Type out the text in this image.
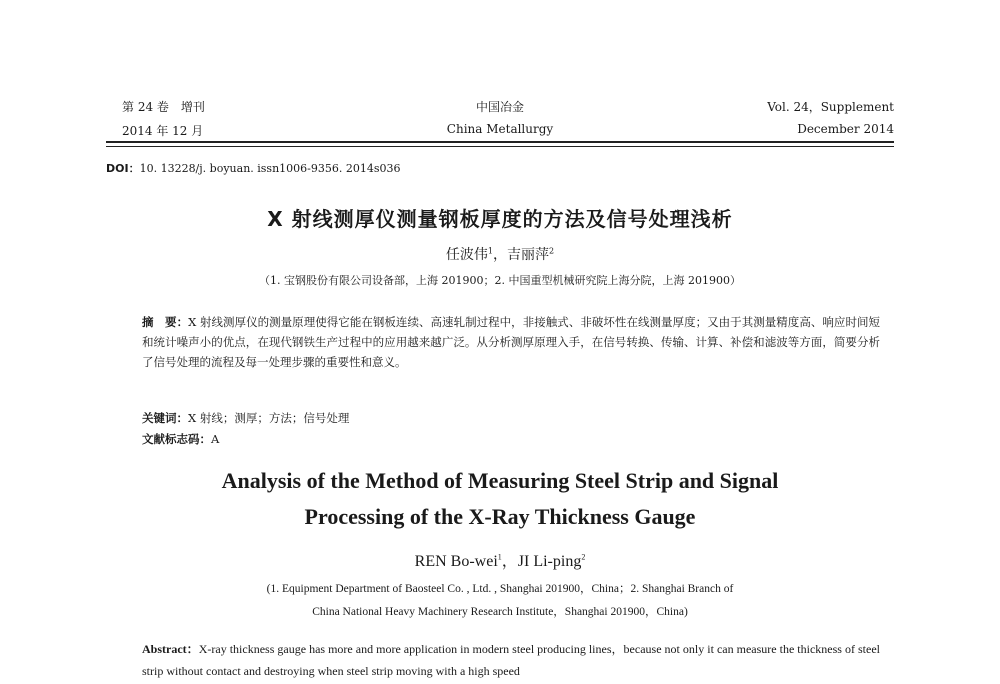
第 24 卷　增刊
2014 年 12 月
中国冶金
China Metallurgy
Vol. 24，Supplement
December 2014
DOI：10. 13228/j. boyuan. issn1006-9356. 2014s036
X 射线测厚仪测量钢板厚度的方法及信号处理浅析
任波伟$^1$，吉丽萍$^2$
（1. 宝钢股份有限公司设备部，上海 201900；2. 中国重型机械研究院上海分院，上海 201900）
摘　要：X 射线测厚仪的测量原理使得它能在钢板连续、高速轧制过程中，非接触式、非破坏性在线测量厚度；又由于其测量精度高、响应时间短和统计噪声小的优点，在现代钢铁生产过程中的应用越来越广泛。从分析测厚原理入手，在信号转换、传输、计算、补偿和滤波等方面，简要分析了信号处理的流程及每一处理步骤的重要性和意义。
关键词：X 射线；测厚；方法；信号处理
文献标志码：A
Analysis of the Method of Measuring Steel Strip and Signal
Processing of the X-Ray Thickness Gauge
REN Bo-wei$^1$，JI Li-ping$^2$
(1. Equipment Department of Baosteel Co. , Ltd. , Shanghai 201900，China；2. Shanghai Branch of
China National Heavy Machinery Research Institute，Shanghai 201900，China)
Abstract：X-ray thickness gauge has more and more application in modern steel producing lines，because not only it can measure the thickness of steel strip without contact and destroying when steel strip moving with a high speed
